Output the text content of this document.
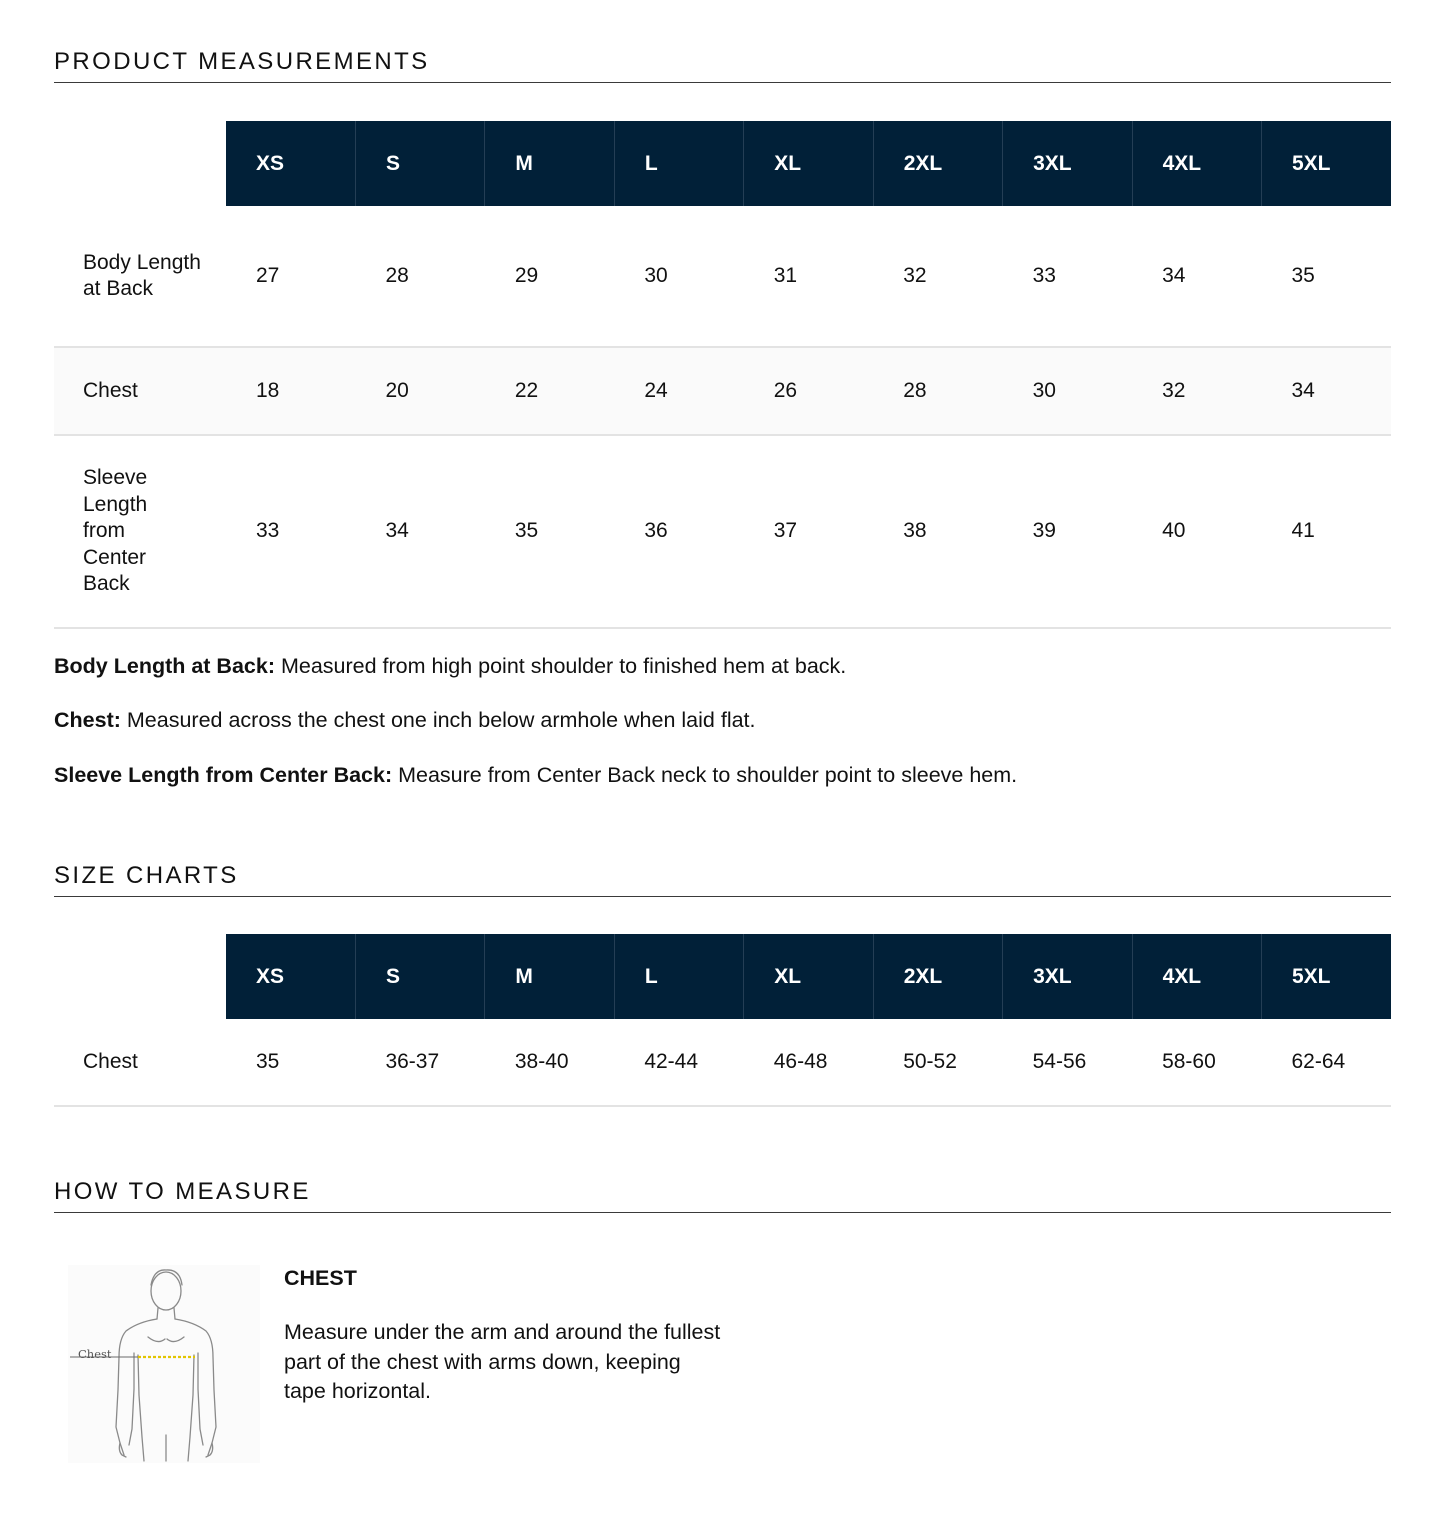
PRODUCT MEASUREMENTS
	XS	S	M	L	XL	2XL	3XL	4XL	5XL
Body Length at Back	27	28	29	30	31	32	33	34	35
Chest	18	20	22	24	26	28	30	32	34
Sleeve Length from Center Back	33	34	35	36	37	38	39	40	41
Body Length at Back: Measured from high point shoulder to finished hem at back.
Chest: Measured across the chest one inch below armhole when laid flat.
Sleeve Length from Center Back: Measure from Center Back neck to shoulder point to sleeve hem.
SIZE CHARTS
	XS	S	M	L	XL	2XL	3XL	4XL	5XL
Chest	35	36-37	38-40	42-44	46-48	50-52	54-56	58-60	62-64
HOW TO MEASURE
Chest
CHEST
Measure under the arm and around the fullest part of the chest with arms down, keeping tape horizontal.
